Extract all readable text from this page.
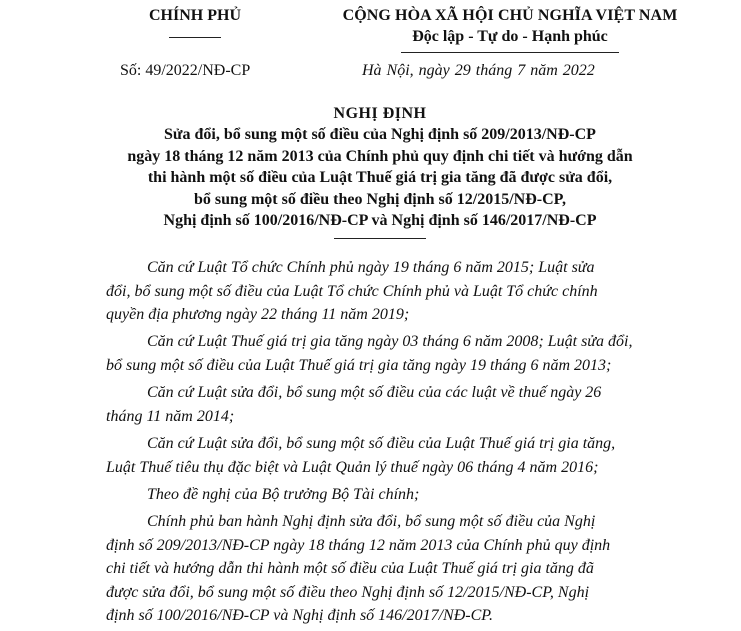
CHÍNH PHỦ	CỘNG HÒA XÃ HỘI CHỦ NGHĨA VIỆT NAM
Độc lập - Tự do - Hạnh phúc
Số: 49/2022/NĐ-CP	Hà Nội, ngày 29 tháng 7 năm 2022
NGHỊ ĐỊNH
Sửa đổi, bổ sung một số điều của Nghị định số 209/2013/NĐ-CP
ngày 18 tháng 12 năm 2013 của Chính phủ quy định chi tiết và hướng dẫn
thi hành một số điều của Luật Thuế giá trị gia tăng đã được sửa đổi,
bổ sung một số điều theo Nghị định số 12/2015/NĐ-CP,
Nghị định số 100/2016/NĐ-CP và Nghị định số 146/2017/NĐ-CP

Căn cứ Luật Tổ chức Chính phủ ngày 19 tháng 6 năm 2015; Luật sửa
đổi, bổ sung một số điều của Luật Tổ chức Chính phủ và Luật Tổ chức chính
quyền địa phương ngày 22 tháng 11 năm 2019;

Căn cứ Luật Thuế giá trị gia tăng ngày 03 tháng 6 năm 2008; Luật sửa đổi,
bổ sung một số điều của Luật Thuế giá trị gia tăng ngày 19 tháng 6 năm 2013;

Căn cứ Luật sửa đổi, bổ sung một số điều của các luật về thuế ngày 26
tháng 11 năm 2014;

Căn cứ Luật sửa đổi, bổ sung một số điều của Luật Thuế giá trị gia tăng,
Luật Thuế tiêu thụ đặc biệt và Luật Quản lý thuế ngày 06 tháng 4 năm 2016;

Theo đề nghị của Bộ trưởng Bộ Tài chính;

Chính phủ ban hành Nghị định sửa đổi, bổ sung một số điều của Nghị
định số 209/2013/NĐ-CP ngày 18 tháng 12 năm 2013 của Chính phủ quy định
chi tiết và hướng dẫn thi hành một số điều của Luật Thuế giá trị gia tăng đã
được sửa đổi, bổ sung một số điều theo Nghị định số 12/2015/NĐ-CP, Nghị
định số 100/2016/NĐ-CP và Nghị định số 146/2017/NĐ-CP.
